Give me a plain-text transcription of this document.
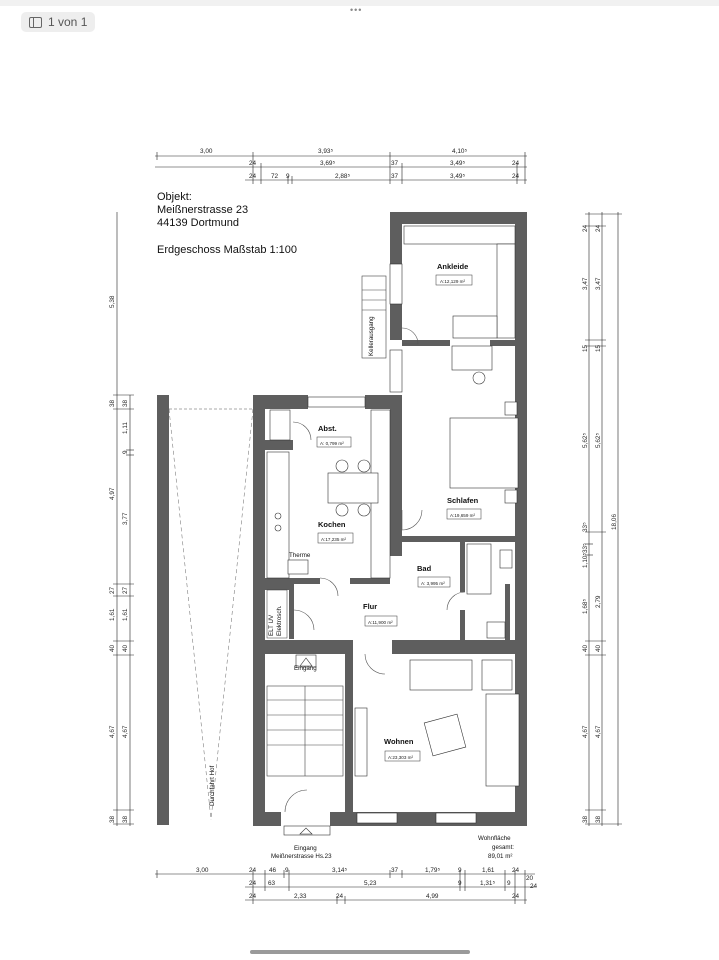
•••
1 von 1
3,00	3,93⁵	4,10⁵
24	3,69⁵	37	3,49⁵	24
24 72 9	2,88⁵	37	3,49⁵	24
Objekt:
Meißnerstrasse 23
44139 Dortmund
Erdgeschoss Maßstab 1:100
5,38
38
4,97
27
1,61
40
4,67
38
38
1,11
9
3,77
27
1,61
40
4,67
38
24
3,47
15
5,62⁵
33⁵
33⁵
1,10⁵
1,68⁵
40
4,67
38
24
3,47
15
5,62⁵
2,79
40
4,67
38
18,06
Durchfahrt Hof
Kellerausgang
ELT UV Elektrosch.
Ankleide
A:12,129 m²
Schlafen
A:19,659 m²
Abst.
A: 0,799 m²
Kochen
A:17,235 m²
Therme
Bad
A: 3,995 m²
Flur
A:11,900 m²
Wohnen
A:23,303 m²
Eingang
Eingang
Meißnerstrasse Hs.23
Wohnfläche
gesamt:
89,01 m²
3,00	24 46 9	3,14⁵	37	1,79⁵	9	1,61	24
20
24
24 63	5,23	9	1,31⁵ 9
24	2,33	24	4,99	24
